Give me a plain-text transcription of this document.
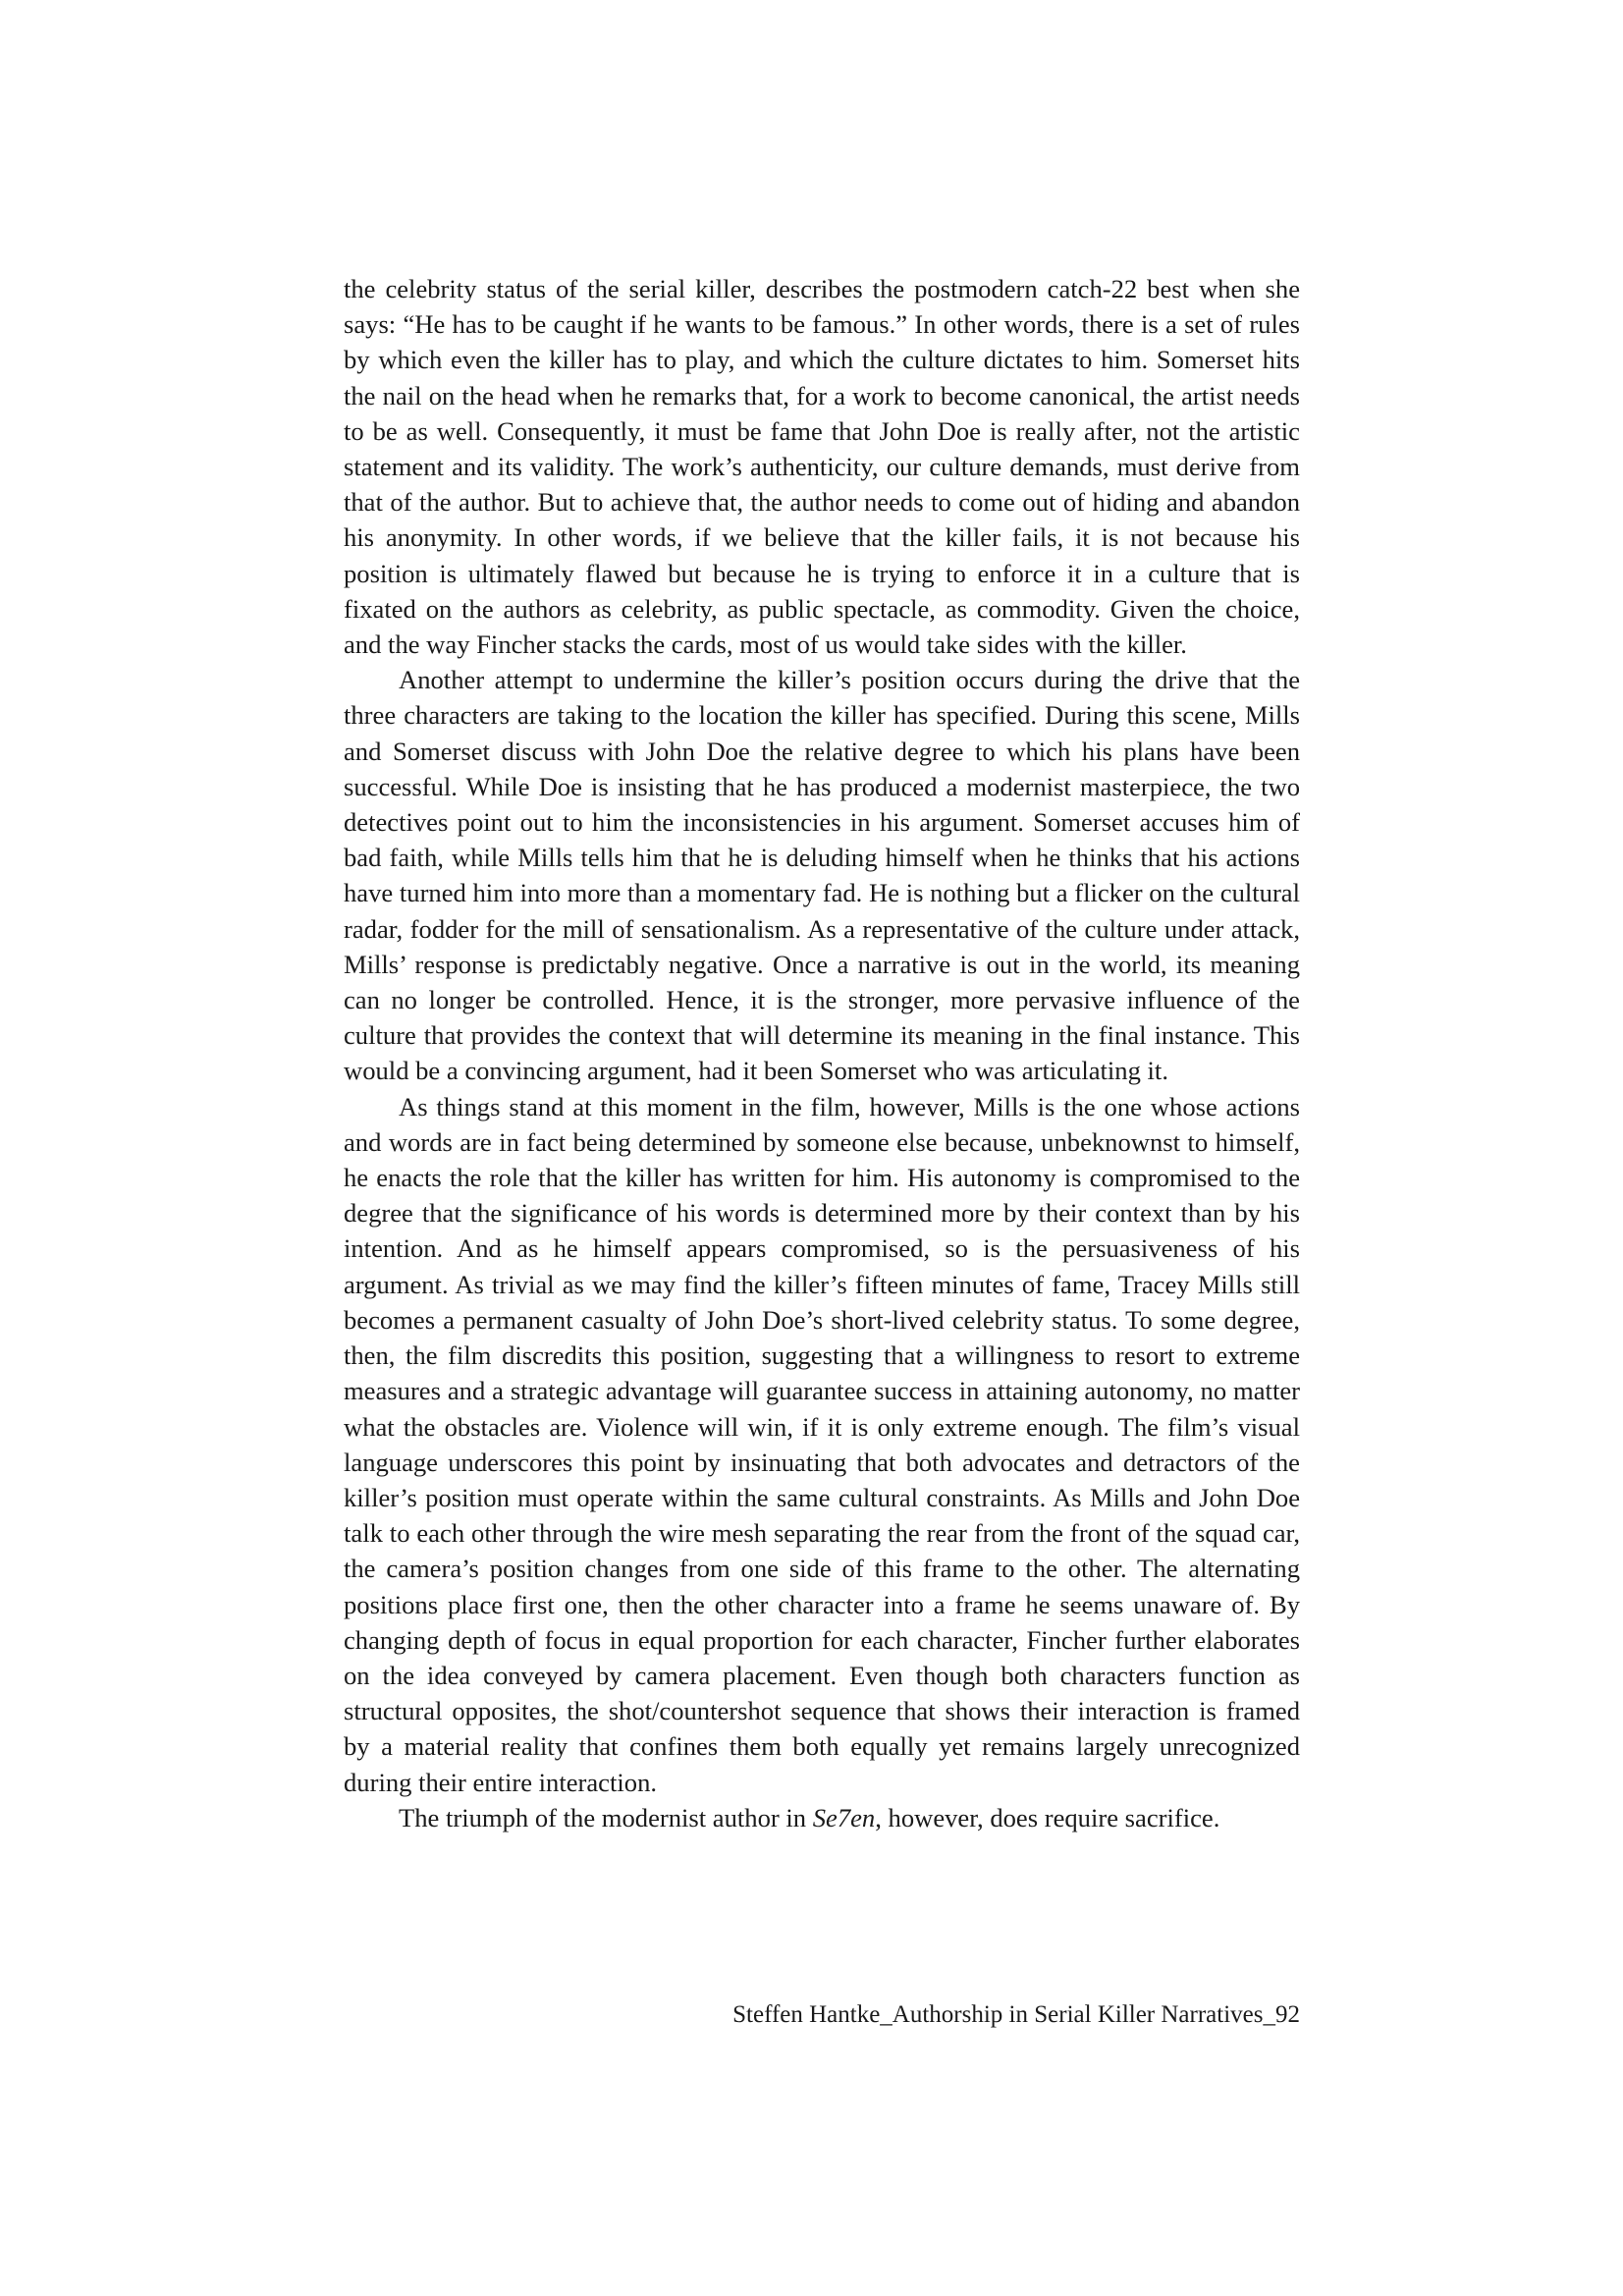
the celebrity status of the serial killer, describes the postmodern catch-22 best when she says: “He has to be caught if he wants to be famous.” In other words, there is a set of rules by which even the killer has to play, and which the culture dictates to him. Somerset hits the nail on the head when he remarks that, for a work to become canonical, the artist needs to be as well. Consequently, it must be fame that John Doe is really after, not the artistic statement and its validity. The work’s authenticity, our culture demands, must derive from that of the author. But to achieve that, the author needs to come out of hiding and abandon his anonymity. In other words, if we believe that the killer fails, it is not because his position is ultimately flawed but because he is trying to enforce it in a culture that is fixated on the authors as celebrity, as public spectacle, as commodity. Given the choice, and the way Fincher stacks the cards, most of us would take sides with the killer.

Another attempt to undermine the killer’s position occurs during the drive that the three characters are taking to the location the killer has specified. During this scene, Mills and Somerset discuss with John Doe the relative degree to which his plans have been successful. While Doe is insisting that he has produced a modernist masterpiece, the two detectives point out to him the inconsistencies in his argument. Somerset accuses him of bad faith, while Mills tells him that he is deluding himself when he thinks that his actions have turned him into more than a momentary fad. He is nothing but a flicker on the cultural radar, fodder for the mill of sensationalism. As a representative of the culture under attack, Mills’ response is predictably negative. Once a narrative is out in the world, its meaning can no longer be controlled. Hence, it is the stronger, more pervasive influence of the culture that provides the context that will determine its meaning in the final instance. This would be a convincing argument, had it been Somerset who was articulating it.

As things stand at this moment in the film, however, Mills is the one whose actions and words are in fact being determined by someone else because, unbeknownst to himself, he enacts the role that the killer has written for him. His autonomy is compromised to the degree that the significance of his words is determined more by their context than by his intention. And as he himself appears compromised, so is the persuasiveness of his argument. As trivial as we may find the killer’s fifteen minutes of fame, Tracey Mills still becomes a permanent casualty of John Doe’s short-lived celebrity status. To some degree, then, the film discredits this position, suggesting that a willingness to resort to extreme measures and a strategic advantage will guarantee success in attaining autonomy, no matter what the obstacles are. Violence will win, if it is only extreme enough. The film’s visual language underscores this point by insinuating that both advocates and detractors of the killer’s position must operate within the same cultural constraints. As Mills and John Doe talk to each other through the wire mesh separating the rear from the front of the squad car, the camera’s position changes from one side of this frame to the other. The alternating positions place first one, then the other character into a frame he seems unaware of. By changing depth of focus in equal proportion for each character, Fincher further elaborates on the idea conveyed by camera placement. Even though both characters function as structural opposites, the shot/countershot sequence that shows their interaction is framed by a material reality that confines them both equally yet remains largely unrecognized during their entire interaction.

The triumph of the modernist author in Se7en, however, does require sacrifice.

Steffen Hantke_Authorship in Serial Killer Narratives_92
